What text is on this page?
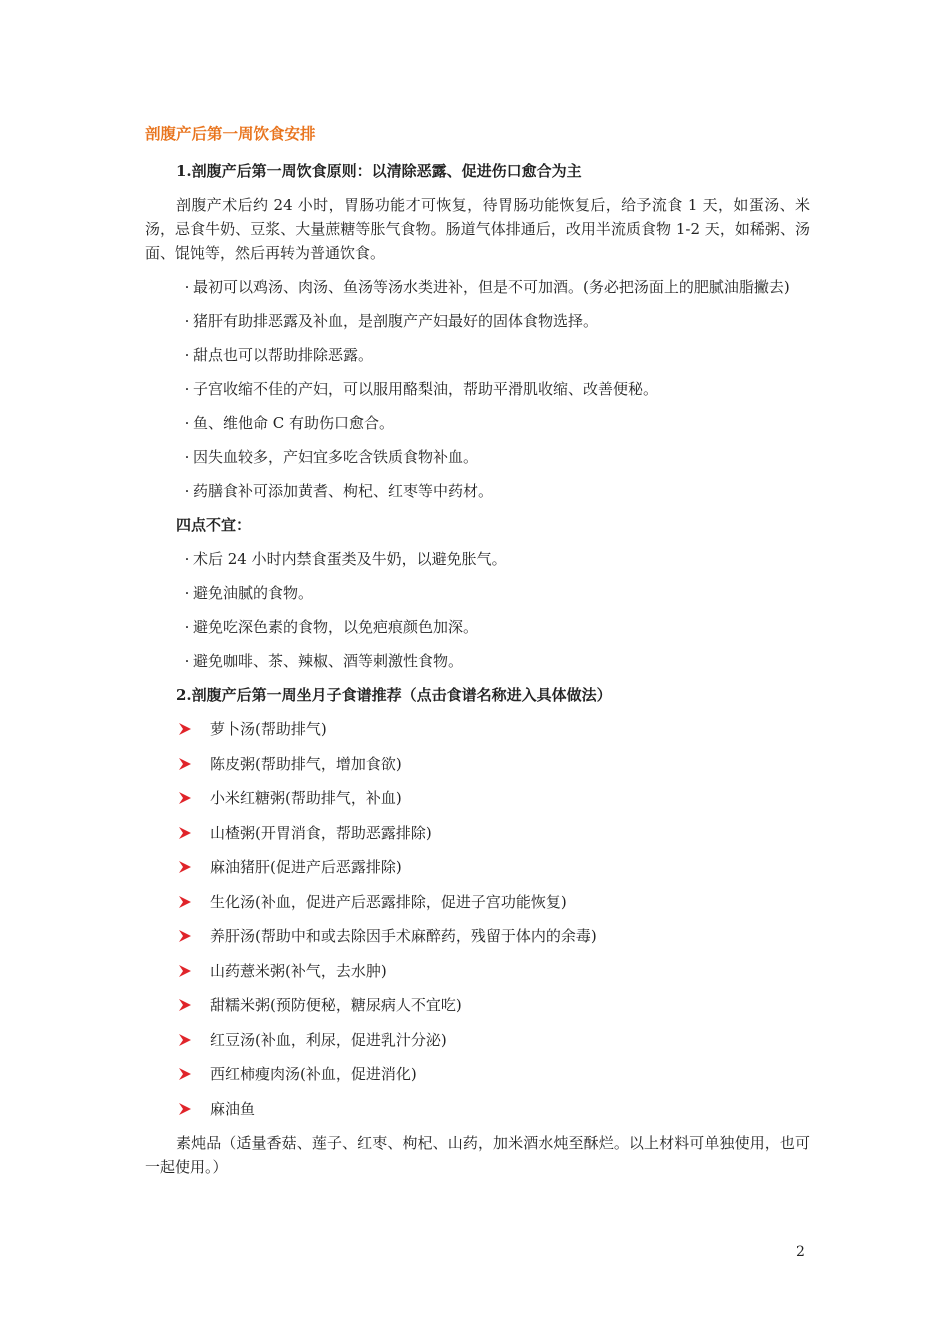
剖腹产后第一周饮食安排
1.剖腹产后第一周饮食原则：以清除恶露、促进伤口愈合为主
剖腹产术后约 24 小时，胃肠功能才可恢复，待胃肠功能恢复后，给予流食 1 天，如蛋汤、米汤，忌食牛奶、豆浆、大量蔗糖等胀气食物。肠道气体排通后，改用半流质食物 1-2 天，如稀粥、汤面、馄饨等，然后再转为普通饮食。
· 最初可以鸡汤、肉汤、鱼汤等汤水类进补，但是不可加酒。(务必把汤面上的肥腻油脂撇去)
· 猪肝有助排恶露及补血，是剖腹产产妇最好的固体食物选择。
· 甜点也可以帮助排除恶露。
· 子宫收缩不佳的产妇，可以服用酪梨油，帮助平滑肌收缩、改善便秘。
· 鱼、维他命 C 有助伤口愈合。
· 因失血较多，产妇宜多吃含铁质食物补血。
· 药膳食补可添加黄耆、枸杞、红枣等中药材。
四点不宜：
· 术后 24 小时内禁食蛋类及牛奶，以避免胀气。
· 避免油腻的食物。
· 避免吃深色素的食物，以免疤痕颜色加深。
· 避免咖啡、茶、辣椒、酒等刺激性食物。
2.剖腹产后第一周坐月子食谱推荐（点击食谱名称进入具体做法）
萝卜汤(帮助排气)
陈皮粥(帮助排气，增加食欲)
小米红糖粥(帮助排气，补血)
山楂粥(开胃消食，帮助恶露排除)
麻油猪肝(促进产后恶露排除)
生化汤(补血，促进产后恶露排除，促进子宫功能恢复)
养肝汤(帮助中和或去除因手术麻醉药，残留于体内的余毒)
山药薏米粥(补气，去水肿)
甜糯米粥(预防便秘，糖尿病人不宜吃)
红豆汤(补血，利尿，促进乳汁分泌)
西红柿瘦肉汤(补血，促进消化)
麻油鱼
素炖品（适量香菇、莲子、红枣、枸杞、山药，加米酒水炖至酥烂。以上材料可单独使用，也可一起使用。）
2
